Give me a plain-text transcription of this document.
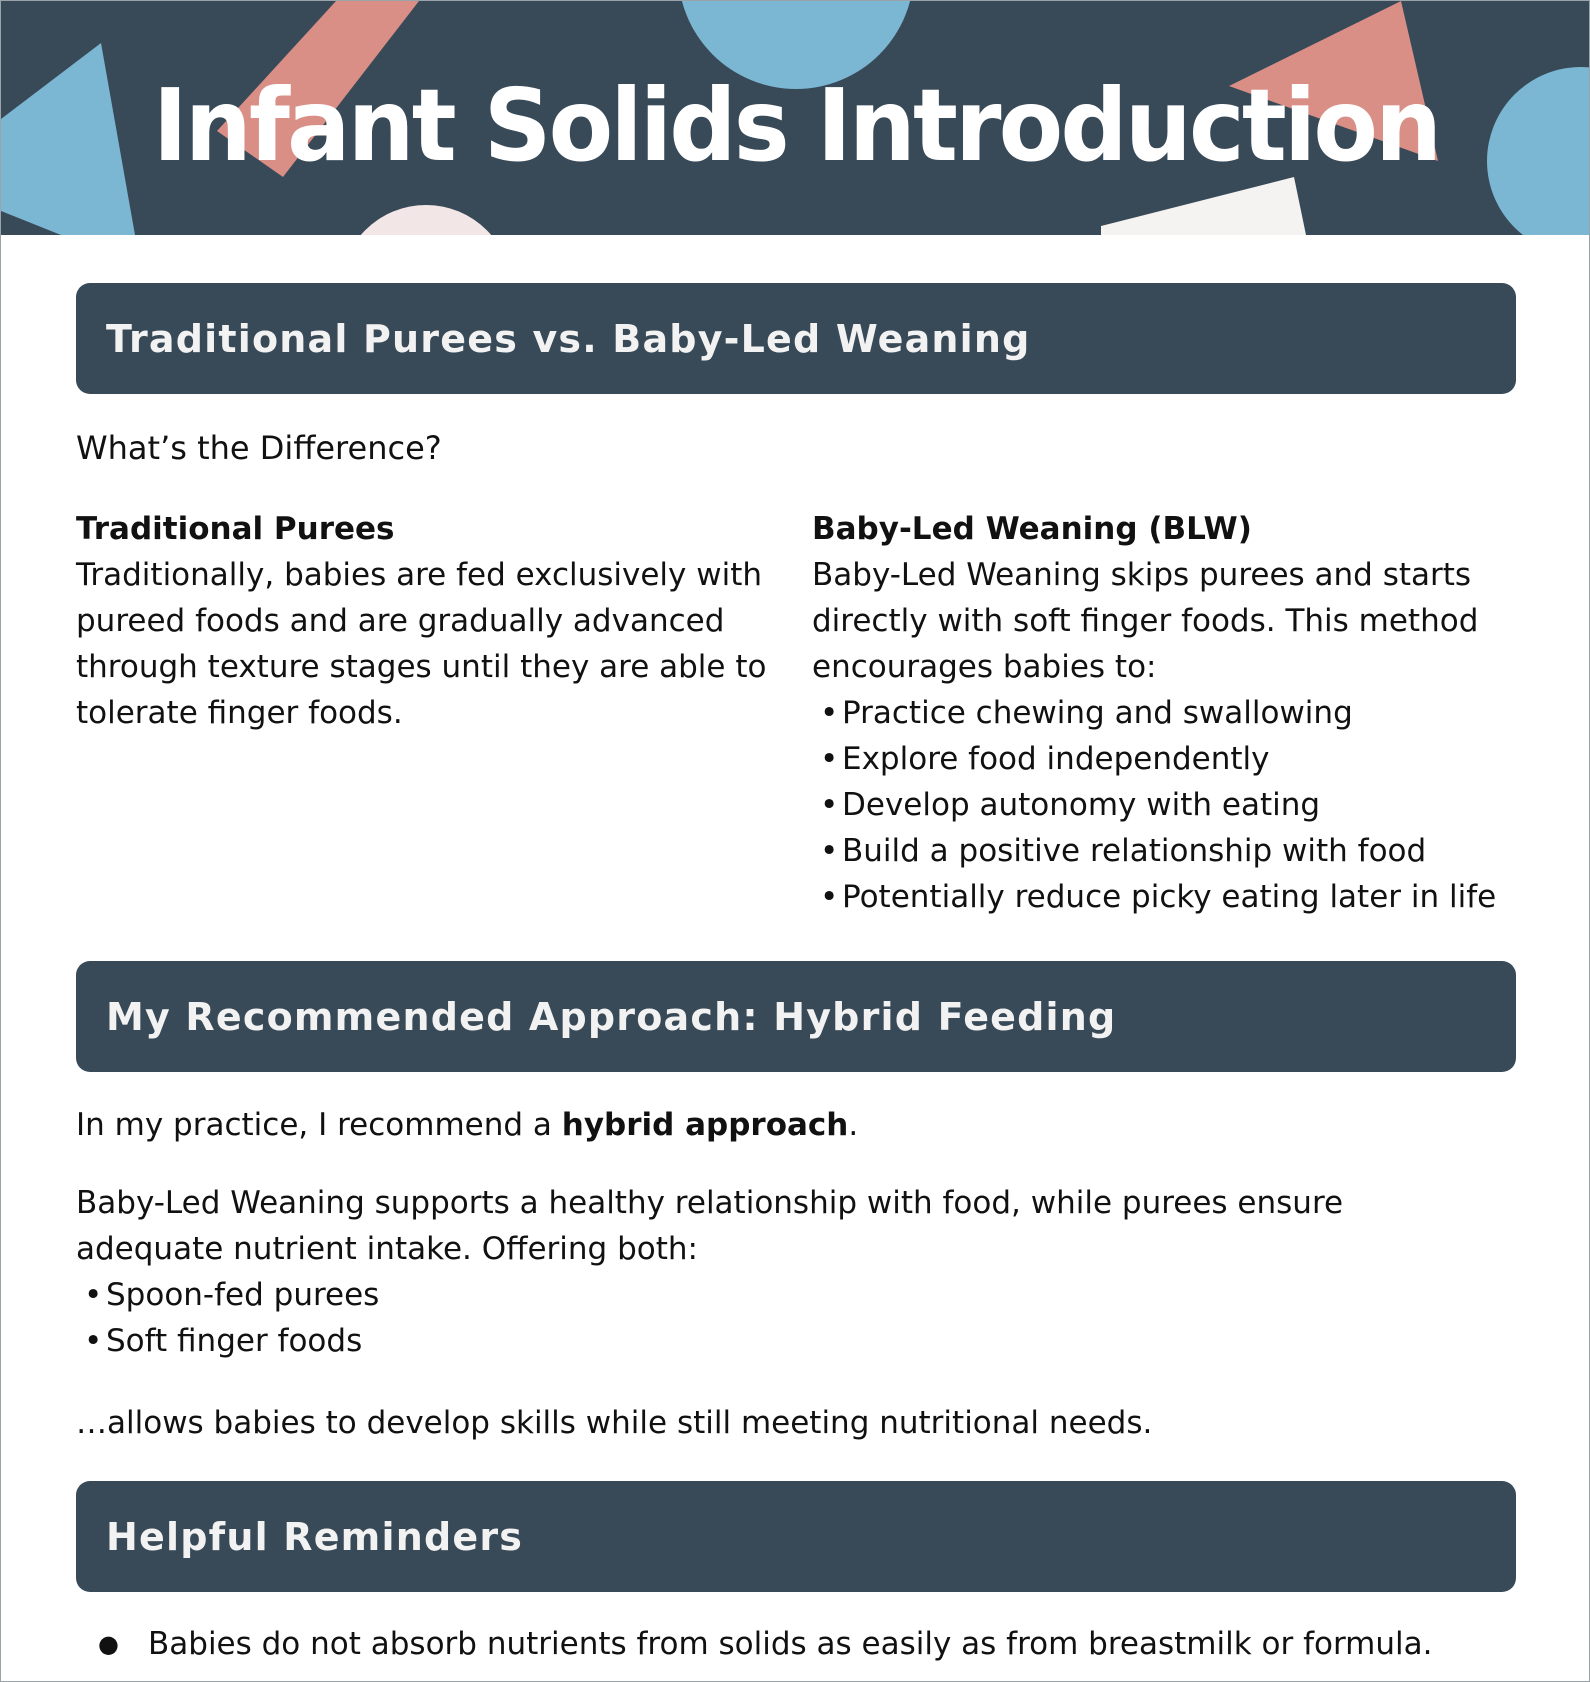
Infant Solids Introduction
Traditional Purees vs. Baby-Led Weaning
What’s the Difference?
Traditional Purees
Traditionally, babies are fed exclusively with pureed foods and are gradually advanced through texture stages until they are able to tolerate finger foods.
Baby-Led Weaning (BLW)
Baby-Led Weaning skips purees and starts directly with soft finger foods. This method encourages babies to:
• Practice chewing and swallowing
• Explore food independently
• Develop autonomy with eating
• Build a positive relationship with food
• Potentially reduce picky eating later in life
My Recommended Approach: Hybrid Feeding
In my practice, I recommend a hybrid approach.
Baby-Led Weaning supports a healthy relationship with food, while purees ensure adequate nutrient intake. Offering both:
• Spoon-fed purees
• Soft finger foods
…allows babies to develop skills while still meeting nutritional needs.
Helpful Reminders
● Babies do not absorb nutrients from solids as easily as from breastmilk or formula.
